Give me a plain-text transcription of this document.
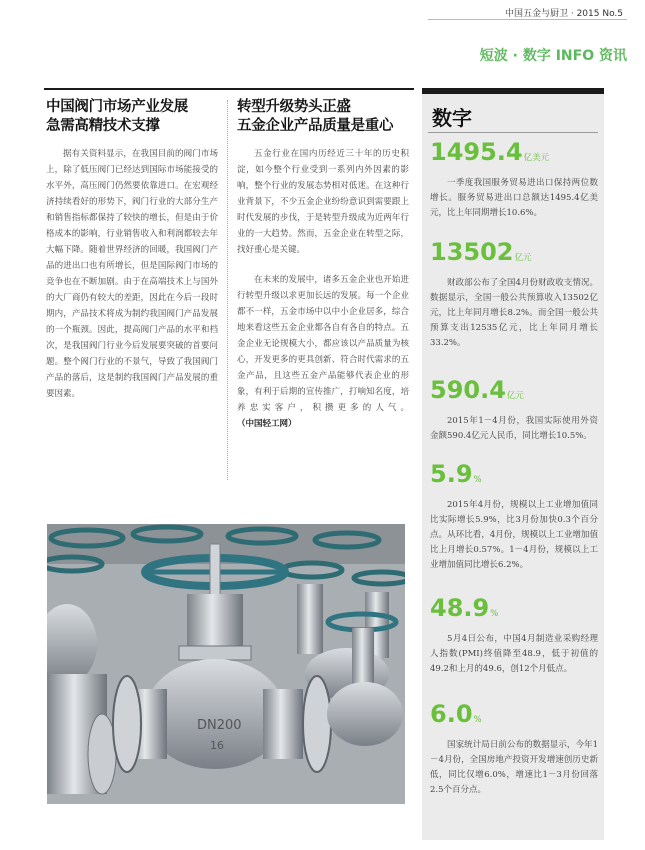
中国五金与厨卫 · 2015 No.5
短波 · 数字 INFO 资讯
中国阀门市场产业发展
急需高精技术支撑

据有关资料显示，在我国目前的阀门市场上，除了低压阀门已经达到国际市场能接受的水平外，高压阀门仍然要依靠进口。在宏观经济持续看好的形势下，阀门行业的大部分生产和销售指标都保持了较快的增长，但是由于价格成本的影响，行业销售收入和利润都较去年大幅下降。随着世界经济的回暖，我国阀门产品的进出口也有所增长，但是国际阀门市场的竞争也在不断加剧。由于在高端技术上与国外的大厂商仍有较大的差距，因此在今后一段时期内，产品技术将成为制约我国阀门产品发展的一个瓶颈。因此，提高阀门产品的水平和档次，是我国阀门行业今后发展要突破的首要问题。整个阀门行业的不景气，导致了我国阀门产品的落后，这是制约我国阀门产品发展的重要因素。

转型升级势头正盛
五金企业产品质量是重心

五金行业在国内历经近三十年的历史积淀，如今整个行业受到一系列内外因素的影响，整个行业的发展态势相对低迷。在这种行业背景下，不少五金企业纷纷意识到需要跟上时代发展的步伐，于是转型升级成为近两年行业的一大趋势。然而，五金企业在转型之际，找好重心是关键。

在未来的发展中，诸多五金企业也开始进行转型升级以求更加长远的发展。每一个企业都不一样，五金市场中以中小企业居多，综合地来看这些五金企业都各自有各自的特点。五金企业无论规模大小，都应该以产品质量为核心，开发更多的更具创新、符合时代需求的五金产品，且这些五金产品能够代表企业的形象，有利于后期的宣传推广，打响知名度，培养忠实客户，积攒更多的人气。（中国轻工网）

DN200
16
数字
1495.4亿美元

一季度我国服务贸易进出口保持两位数增长。服务贸易进出口总额达1495.4亿美元，比上年同期增长10.6%。

13502亿元

财政部公布了全国4月份财政收支情况。数据显示，全国一般公共预算收入13502亿元，比上年同月增长8.2%。而全国一般公共预算支出12535亿元，比上年同月增长33.2%。

590.4亿元

2015年1－4月份，我国实际使用外资金额590.4亿元人民币，同比增长10.5%。

5.9%

2015年4月份，规模以上工业增加值同比实际增长5.9%，比3月份加快0.3个百分点。从环比看，4月份，规模以上工业增加值比上月增长0.57%。1－4月份，规模以上工业增加值同比增长6.2%。

48.9%

5月4日公布，中国4月制造业采购经理人指数(PMI)终值降至48.9，低于初值的49.2和上月的49.6，创12个月低点。

6.0%

国家统计局日前公布的数据显示，今年1－4月份，全国房地产投资开发增速创历史新低，同比仅增6.0%，增速比1－3月份回落2.5个百分点。
